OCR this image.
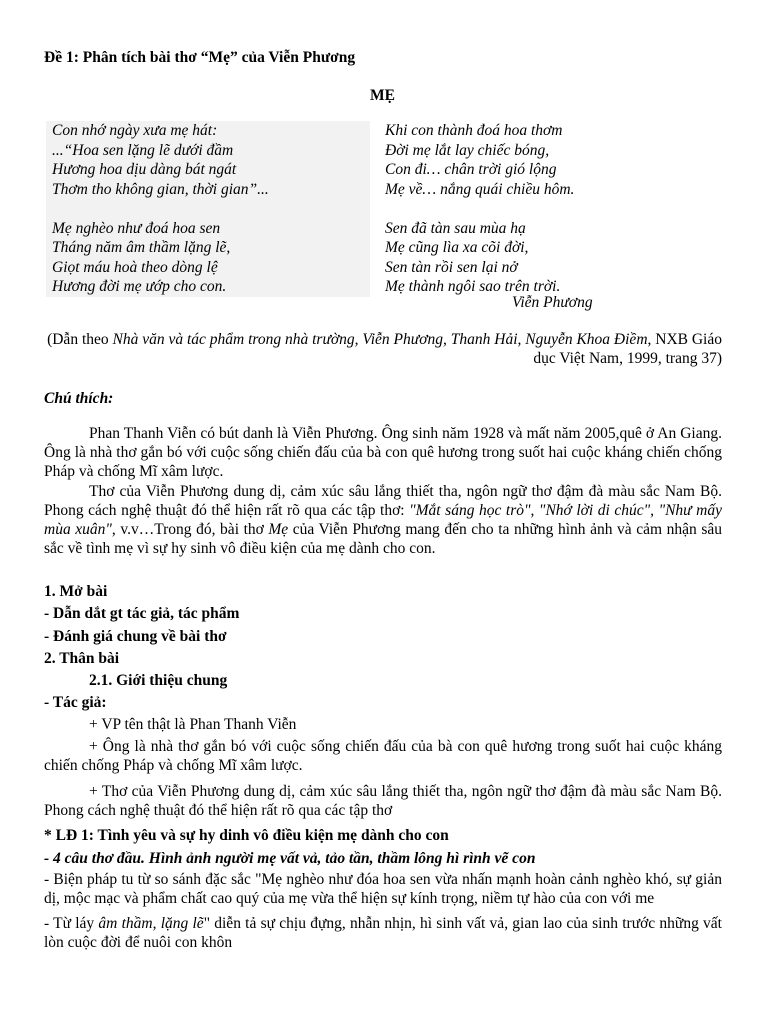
Đề 1: Phân tích bài thơ “Mẹ” của Viễn Phương
MẸ
Con nhớ ngày xưa mẹ hát:
...“Hoa sen lặng lẽ dưới đầm
Hương hoa dịu dàng bát ngát
Thơm tho không gian, thời gian”...
Mẹ nghèo như đoá hoa sen
Tháng năm âm thầm lặng lẽ,
Giọt máu hoà theo dòng lệ
Hương đời mẹ ướp cho con.
Khi con thành đoá hoa thơm
Đời mẹ lắt lay chiếc bóng,
Con đi… chân trời gió lộng
Mẹ về… nắng quái chiều hôm.
Sen đã tàn sau mùa hạ
Mẹ cũng lìa xa cõi đời,
Sen tàn rồi sen lại nở
Mẹ thành ngôi sao trên trời.
Viễn Phương
(Dẫn theo Nhà văn và tác phẩm trong nhà trường, Viễn Phương, Thanh Hải, Nguyễn Khoa Điềm, NXB Giáo dục Việt Nam, 1999, trang 37)
Chú thích:
Phan Thanh Viễn có bút danh là Viễn Phương. Ông sinh năm 1928 và mất năm 2005,quê ở An Giang. Ông là nhà thơ gắn bó với cuộc sống chiến đấu của bà con quê hương trong suốt hai cuộc kháng chiến chống Pháp và chống Mĩ xâm lược.
Thơ của Viễn Phương dung dị, cảm xúc sâu lắng thiết tha, ngôn ngữ thơ đậm đà màu sắc Nam Bộ. Phong cách nghệ thuật đó thể hiện rất rõ qua các tập thơ: "Mắt sáng học trò", "Nhớ lời di chúc", "Như mấy mùa xuân", v.v…Trong đó, bài thơ Mẹ của Viễn Phương mang đến cho ta những hình ảnh và cảm nhận sâu sắc về tình mẹ vì sự hy sinh vô điều kiện của mẹ dành cho con.
1. Mở bài
- Dẫn dắt gt tác giả, tác phẩm
- Đánh giá chung về bài thơ
2. Thân bài
2.1. Giới thiệu chung
- Tác giả:
+ VP tên thật là Phan Thanh Viễn
+ Ông là nhà thơ gắn bó với cuộc sống chiến đấu của bà con quê hương trong suốt hai cuộc kháng chiến chống Pháp và chống Mĩ xâm lược.
+ Thơ của Viễn Phương dung dị, cảm xúc sâu lắng thiết tha, ngôn ngữ thơ đậm đà màu sắc Nam Bộ. Phong cách nghệ thuật đó thể hiện rất rõ qua các tập thơ
* LĐ 1: Tình yêu và sự hy dinh vô điều kiện mẹ dành cho con
- 4 câu thơ đầu. Hình ảnh người mẹ vất vả, tảo tần, thầm lông hì rình vẽ con
- Biện pháp tu từ so sánh đặc sắc "Mẹ nghèo như đóa hoa sen vừa nhấn mạnh hoàn cảnh nghèo khó, sự giản dị, mộc mạc và phẩm chất cao quý của mẹ vừa thể hiện sự kính trọng, niềm tự hào của con với me
- Từ láy âm thầm, lặng lẽ" diễn tả sự chịu đựng, nhẫn nhịn, hì sinh vất vả, gian lao của sinh trước những vất lòn cuộc đời để nuôi con khôn
